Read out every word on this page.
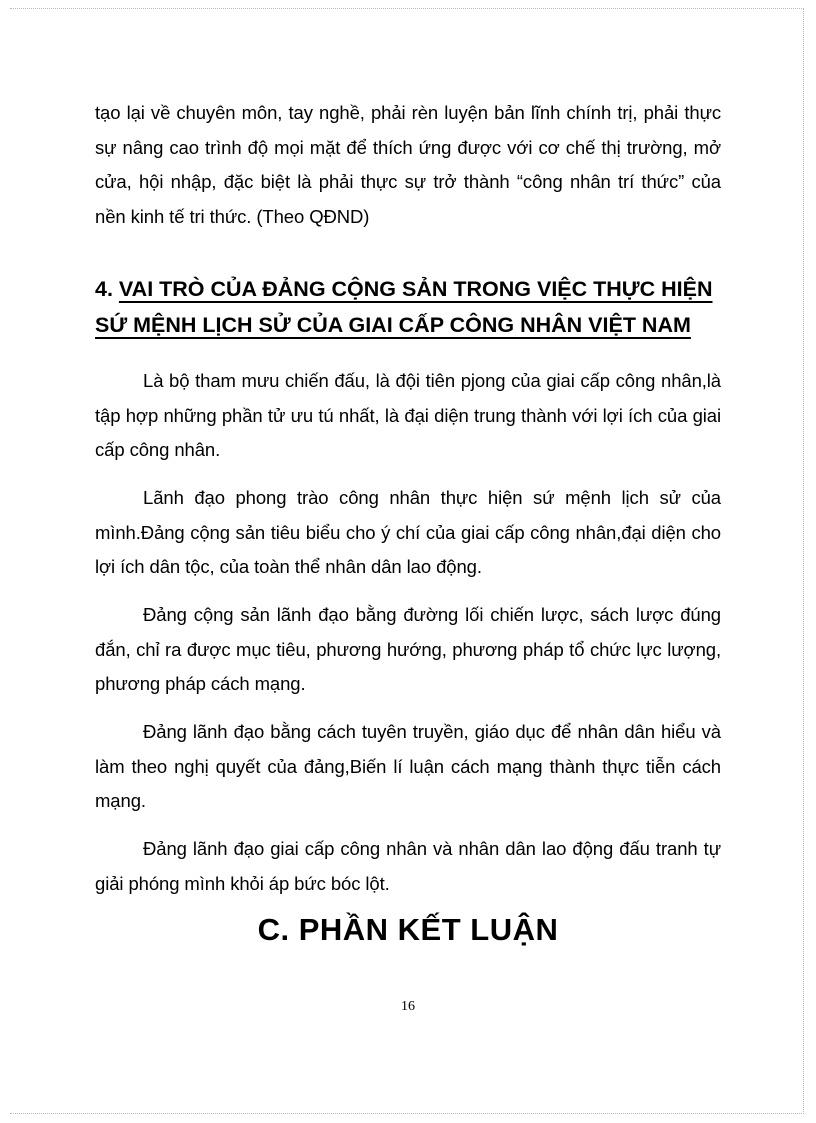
tạo lại về chuyên môn, tay nghề, phải rèn luyện bản lĩnh chính trị, phải thực sự nâng cao trình độ mọi mặt để thích ứng được với cơ chế thị trường, mở cửa, hội nhập, đặc biệt là phải thực sự trở thành “công nhân trí thức” của nền kinh tế tri thức. (Theo QĐND)

4. VAI TRÒ CỦA ĐẢNG CỘNG SẢN TRONG VIỆC THỰC HIỆN
SỨ MỆNH LỊCH SỬ CỦA GIAI CẤP CÔNG NHÂN VIỆT NAM

Là bộ tham mưu chiến đấu, là đội tiên pjong của giai cấp công nhân,là tập hợp những phần tử ưu tú nhất, là đại diện trung thành với lợi ích của giai cấp công nhân.

Lãnh đạo phong trào công nhân thực hiện sứ mệnh lịch sử của mình.Đảng cộng sản tiêu biểu cho ý chí của giai cấp công nhân,đại diện cho lợi ích dân tộc, của toàn thể nhân dân lao động.

Đảng cộng sản lãnh đạo bằng đường lối chiến lược, sách lược đúng đắn, chỉ ra được mục tiêu, phương hướng, phương pháp tổ chức lực lượng, phương pháp cách mạng.

Đảng lãnh đạo bằng cách tuyên truyền, giáo dục để nhân dân hiểu và làm theo nghị quyết của đảng,Biến lí luận cách mạng thành thực tiễn cách mạng.

Đảng lãnh đạo giai cấp công nhân và nhân dân lao động đấu tranh tự giải phóng mình khỏi áp bức bóc lột.

C. PHẦN KẾT LUẬN
16
